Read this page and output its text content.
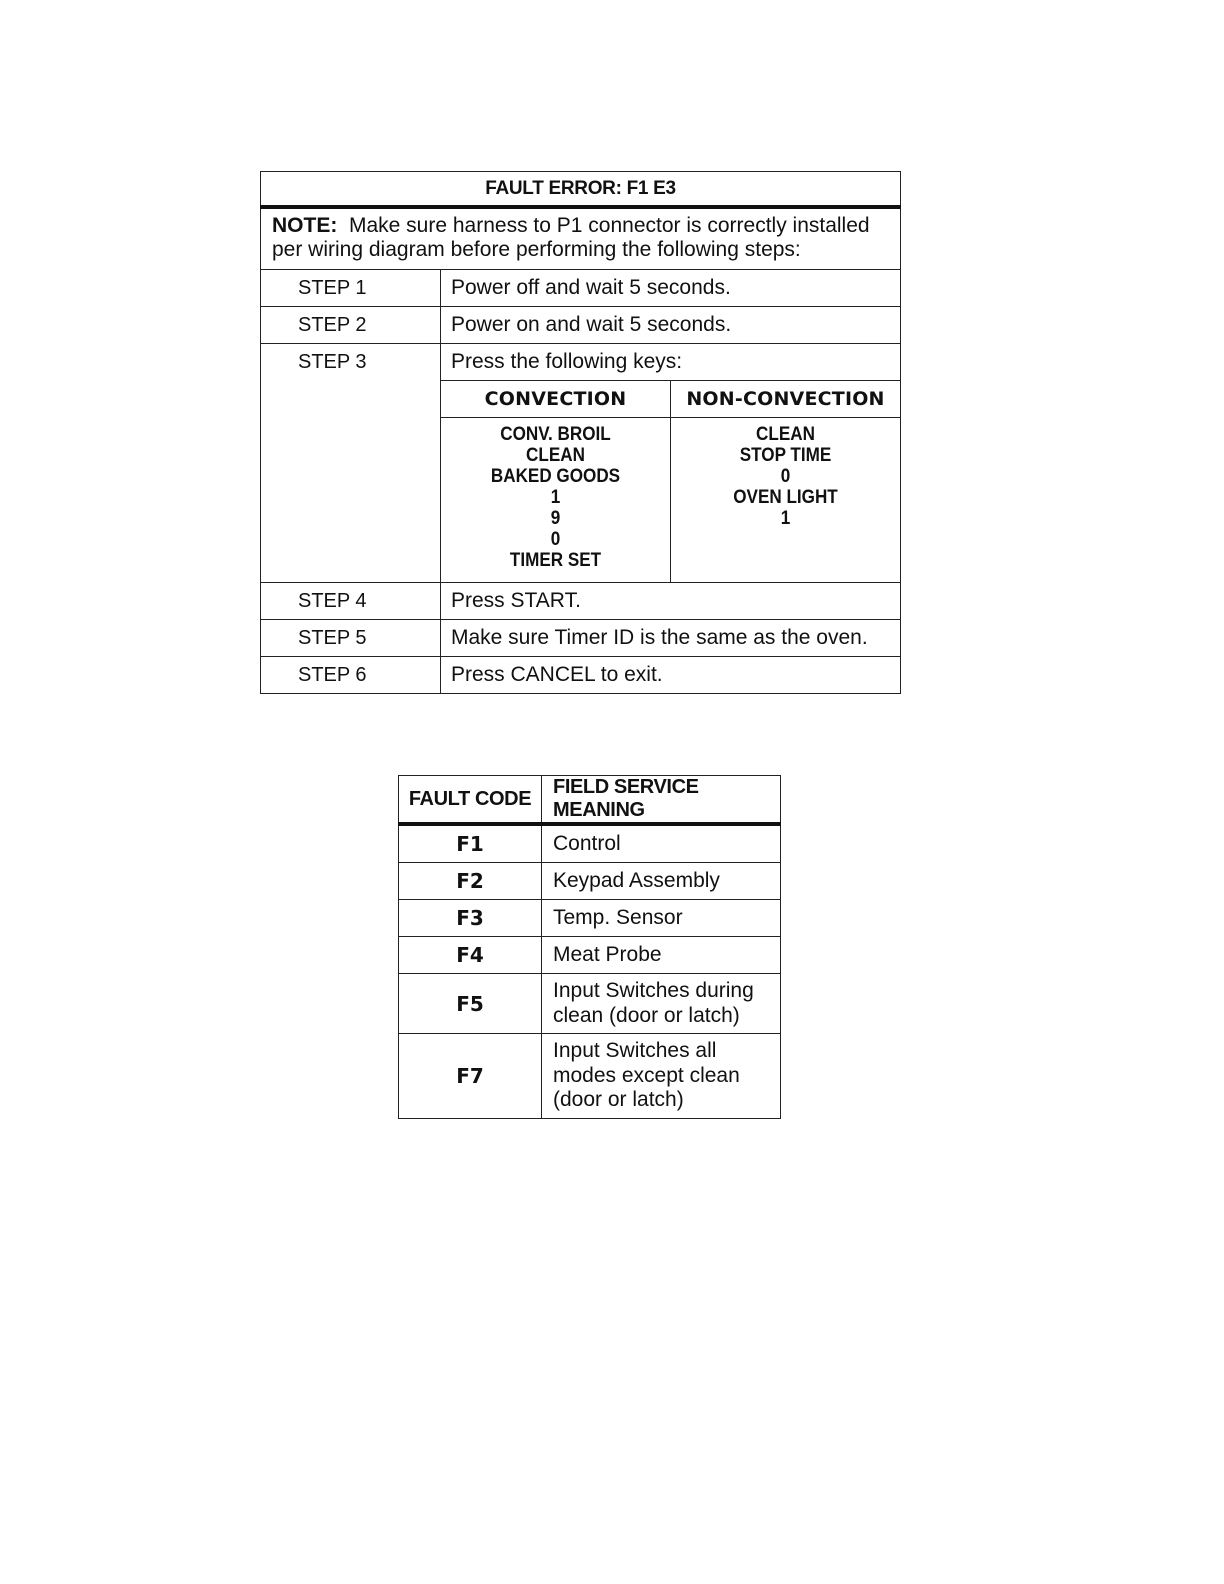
FAULT ERROR: F1 E3
NOTE: Make sure harness to P1 connector is correctly installed per wiring diagram before performing the following steps:
STEP 1	Power off and wait 5 seconds.
STEP 2	Power on and wait 5 seconds.
STEP 3	Press the following keys:

CONVECTION	NON-CONVECTION

CONV. BROIL
CLEAN
BAKED GOODS
1
9
0
TIMER SET

CLEAN
STOP TIME
0
OVEN LIGHT
1

STEP 4	Press START.
STEP 5	Make sure Timer ID is the same as the oven.
STEP 6	Press CANCEL to exit.
FAULT CODE	FIELD SERVICE MEANING
F1	Control
F2	Keypad Assembly
F3	Temp. Sensor
F4	Meat Probe
F5	Input Switches during
clean (door or latch)
F7	Input Switches all
modes except clean
(door or latch)
